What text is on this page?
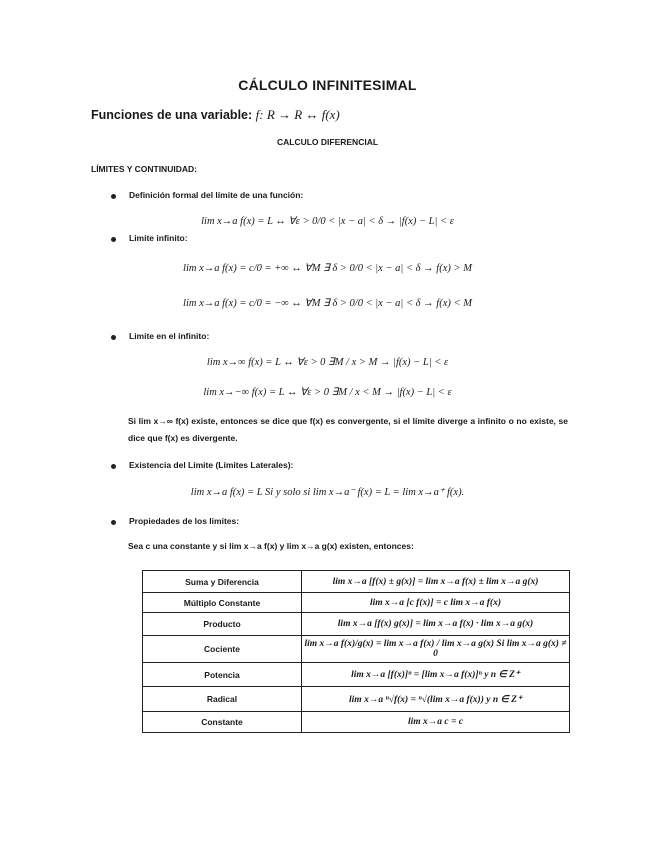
CÁLCULO INFINITESIMAL
Funciones de una variable: f: R → R ↔ f(x)
CALCULO DIFERENCIAL
LÍMITES Y CONTINUIDAD:
Definición formal del límite de una función:
lim x→a f(x) = L ↔ ∀ε > 0/0 < |x − a| < δ → |f(x) − L| < ε
Limite infinito:
lim x→a f(x) = c/0 = +∞ ↔ ∀M ∃ δ > 0/0 < |x − a| < δ → f(x) > M
lim x→a f(x) = c/0 = −∞ ↔ ∀M ∃ δ > 0/0 < |x − a| < δ → f(x) < M
Limite en el infinito:
lim x→∞ f(x) = L ↔ ∀ε > 0 ∃M / x > M → |f(x) − L| < ε
lim x→−∞ f(x) = L ↔ ∀ε > 0 ∃M / x < M → |f(x) − L| < ε
Si lim x→∞ f(x) existe, entonces se dice que f(x) es convergente, si el límite diverge a infinito o no existe, se dice que f(x) es divergente.
Existencia del Límite (Límites Laterales):
lim x→a f(x) = L Si y solo si lim x→a⁻ f(x) = L = lim x→a⁺ f(x).
Propiedades de los limites:
Sea c una constante y si lim x→a f(x) y lim x→a g(x) existen, entonces:
Suma y Diferencia	lim x→a [f(x) ± g(x)] = lim x→a f(x) ± lim x→a g(x)
Múltiplo Constante	lim x→a [c f(x)] = c lim x→a f(x)
Producto	lim x→a [f(x) g(x)] = lim x→a f(x) · lim x→a g(x)
Cociente	lim x→a f(x)/g(x) = lim x→a f(x) / lim x→a g(x) Si lim x→a g(x) ≠ 0
Potencia	lim x→a [f(x)]ⁿ = [lim x→a f(x)]ⁿ y n ∈ Z⁺
Radical	lim x→a ⁿ√f(x) = ⁿ√(lim x→a f(x)) y n ∈ Z⁺
Constante	lim x→a c = c
